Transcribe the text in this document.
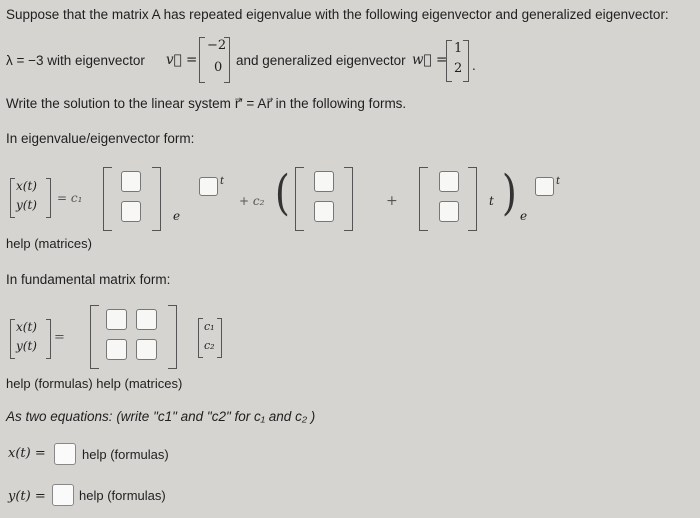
Suppose that the matrix A has repeated eigenvalue with the following eigenvector and generalized eigenvector:
λ = −3 with eigenvector v⃗ =
−2
0 and generalized eigenvector w⃗ =
1
2 .
Write the solution to the linear system r⃗′ = Ar⃗ in the following forms.
In eigenvalue/eigenvector form:
x(t)
y(t) = c₁
e
t
+ c₂ (	+	t ) e
t
help (matrices)
In fundamental matrix form:
x(t)
y(t)
=
c₁
c₂
help (formulas) help (matrices)
As two equations: (write "c1" and "c2" for c₁ and c₂ )
x(t) =	help (formulas)
y(t) =	help (formulas)
